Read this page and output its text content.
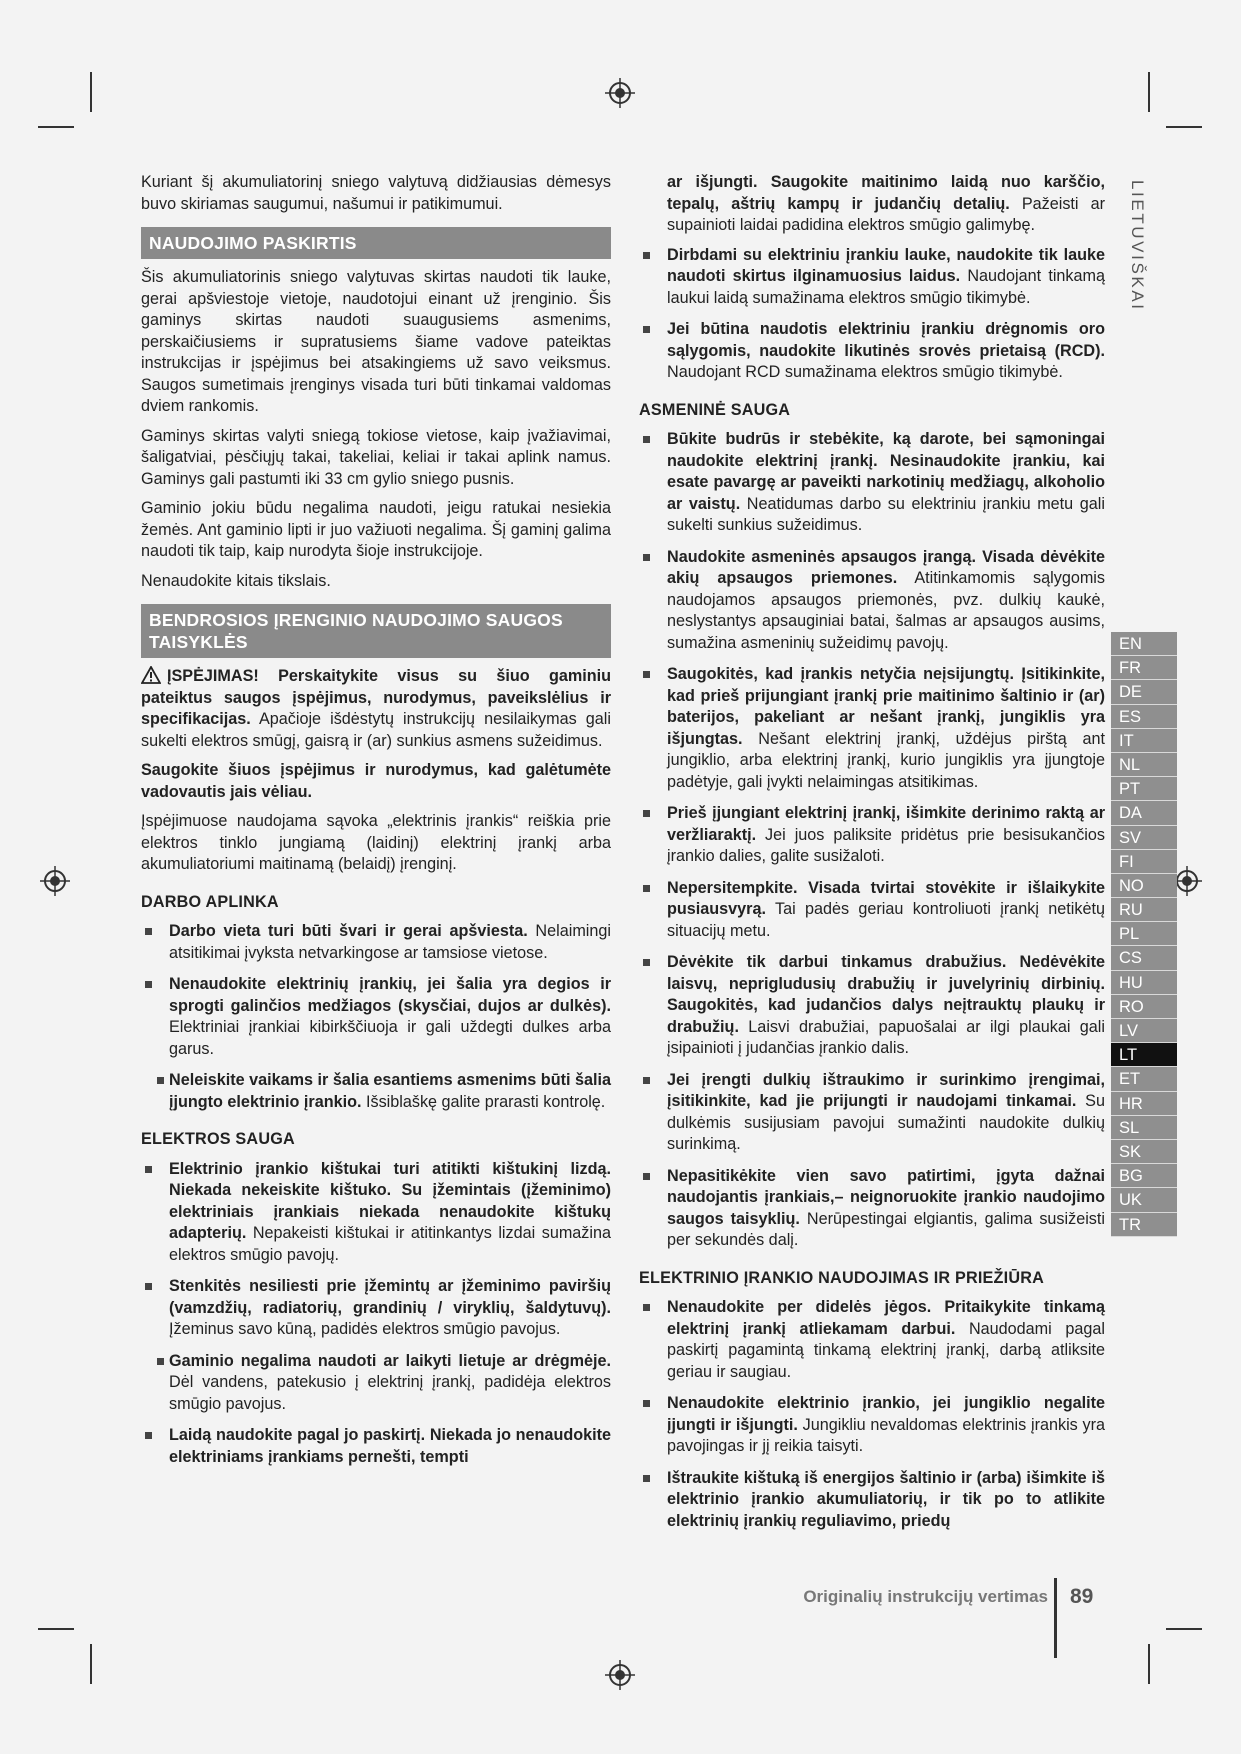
Kuriant šį akumuliatorinį sniego valytuvą didžiausias dėmesys buvo skiriamas saugumui, našumui ir patikimumui.

NAUDOJIMO PASKIRTIS

Šis akumuliatorinis sniego valytuvas skirtas naudoti tik lauke, gerai apšviestoje vietoje, naudotojui einant už įrenginio. Šis gaminys skirtas naudoti suaugusiems asmenims, perskaičiusiems ir supratusiems šiame vadove pateiktas instrukcijas ir įspėjimus bei atsakingiems už savo veiksmus. Saugos sumetimais įrenginys visada turi būti tinkamai valdomas dviem rankomis.

Gaminys skirtas valyti sniegą tokiose vietose, kaip įvažiavimai, šaligatviai, pėsčiųjų takai, takeliai, keliai ir takai aplink namus. Gaminys gali pastumti iki 33 cm gylio sniego pusnis.

Gaminio jokiu būdu negalima naudoti, jeigu ratukai nesiekia žemės. Ant gaminio lipti ir juo važiuoti negalima. Šį gaminį galima naudoti tik taip, kaip nurodyta šioje instrukcijoje.

Nenaudokite kitais tikslais.

BENDROSIOS ĮRENGINIO NAUDOJIMO SAUGOS TAISYKLĖS

ĮSPĖJIMAS! Perskaitykite visus su šiuo gaminiu pateiktus saugos įspėjimus, nurodymus, paveikslėlius ir specifikacijas. Apačioje išdėstytų instrukcijų nesilaikymas gali sukelti elektros smūgį, gaisrą ir (ar) sunkius asmens sužeidimus.

Saugokite šiuos įspėjimus ir nurodymus, kad galėtumėte vadovautis jais vėliau.

Įspėjimuose naudojama sąvoka „elektrinis įrankis“ reiškia prie elektros tinklo jungiamą (laidinį) elektrinį įrankį arba akumuliatoriumi maitinamą (belaidį) įrenginį.

DARBO APLINKA
Darbo vieta turi būti švari ir gerai apšviesta. Nelaimingi atsitikimai įvyksta netvarkingose ar tamsiose vietose.
Nenaudokite elektrinių įrankių, jei šalia yra degios ir sprogti galinčios medžiagos (skysčiai, dujos ar dulkės). Elektriniai įrankiai kibirkščiuoja ir gali uždegti dulkes arba garus.
Neleiskite vaikams ir šalia esantiems asmenims būti šalia įjungto elektrinio įrankio. Išsiblaškę galite prarasti kontrolę.
ELEKTROS SAUGA
Elektrinio įrankio kištukai turi atitikti kištukinį lizdą. Niekada nekeiskite kištuko. Su įžemintais (įžeminimo) elektriniais įrankiais niekada nenaudokite kištukų adapterių. Nepakeisti kištukai ir atitinkantys lizdai sumažina elektros smūgio pavojų.
Stenkitės nesiliesti prie įžemintų ar įžeminimo paviršių (vamzdžių, radiatorių, grandinių / viryklių, šaldytuvų). Įžeminus savo kūną, padidės elektros smūgio pavojus.
Gaminio negalima naudoti ar laikyti lietuje ar drėgmėje. Dėl vandens, patekusio į elektrinį įrankį, padidėja elektros smūgio pavojus.
Laidą naudokite pagal jo paskirtį. Niekada jo nenaudokite elektriniams įrankiams pernešti, tempti

ar išjungti. Saugokite maitinimo laidą nuo karščio, tepalų, aštrių kampų ir judančių detalių. Pažeisti ar supainioti laidai padidina elektros smūgio galimybę.

Dirbdami su elektriniu įrankiu lauke, naudokite tik lauke naudoti skirtus ilginamuosius laidus. Naudojant tinkamą laukui laidą sumažinama elektros smūgio tikimybė.
Jei būtina naudotis elektriniu įrankiu drėgnomis oro sąlygomis, naudokite likutinės srovės prietaisą (RCD). Naudojant RCD sumažinama elektros smūgio tikimybė.
ASMENINĖ SAUGA
Būkite budrūs ir stebėkite, ką darote, bei sąmoningai naudokite elektrinį įrankį. Nesinaudokite įrankiu, kai esate pavargę ar paveikti narkotinių medžiagų, alkoholio ar vaistų. Neatidumas darbo su elektriniu įrankiu metu gali sukelti sunkius sužeidimus.
Naudokite asmeninės apsaugos įrangą. Visada dėvėkite akių apsaugos priemones. Atitinkamomis sąlygomis naudojamos apsaugos priemonės, pvz. dulkių kaukė, neslystantys apsauginiai batai, šalmas ar apsaugos ausims, sumažina asmeninių sužeidimų pavojų.
Saugokitės, kad įrankis netyčia neįsijungtų. Įsitikinkite, kad prieš prijungiant įrankį prie maitinimo šaltinio ir (ar) baterijos, pakeliant ar nešant įrankį, jungiklis yra išjungtas. Nešant elektrinį įrankį, uždėjus pirštą ant jungiklio, arba elektrinį įrankį, kurio jungiklis yra įjungtoje padėtyje, gali įvykti nelaimingas atsitikimas.
Prieš įjungiant elektrinį įrankį, išimkite derinimo raktą ar veržliaraktį. Jei juos paliksite pridėtus prie besisukančios įrankio dalies, galite susižaloti.
Nepersitempkite. Visada tvirtai stovėkite ir išlaikykite pusiausvyrą. Tai padės geriau kontroliuoti įrankį netikėtų situacijų metu.
Dėvėkite tik darbui tinkamus drabužius. Nedėvėkite laisvų, neprigludusių drabužių ir juvelyrinių dirbinių. Saugokitės, kad judančios dalys neįtrauktų plaukų ir drabužių. Laisvi drabužiai, papuošalai ar ilgi plaukai gali įsipainioti į judančias įrankio dalis.
Jei įrengti dulkių ištraukimo ir surinkimo įrengimai, įsitikinkite, kad jie prijungti ir naudojami tinkamai. Su dulkėmis susijusiam pavojui sumažinti naudokite dulkių surinkimą.
Nepasitikėkite vien savo patirtimi, įgyta dažnai naudojantis įrankiais,– neignoruokite įrankio naudojimo saugos taisyklių. Nerūpestingai elgiantis, galima susižeisti per sekundės dalį.
ELEKTRINIO ĮRANKIO NAUDOJIMAS IR PRIEŽIŪRA
Nenaudokite per didelės jėgos. Pritaikykite tinkamą elektrinį įrankį atliekamam darbui. Naudodami pagal paskirtį pagamintą tinkamą elektrinį įrankį, darbą atliksite geriau ir saugiau.
Nenaudokite elektrinio įrankio, jei jungiklio negalite įjungti ir išjungti. Jungikliu nevaldomas elektrinis įrankis yra pavojingas ir jį reikia taisyti.
Ištraukite kištuką iš energijos šaltinio ir (arba) išimkite iš elektrinio įrankio akumuliatorių, ir tik po to atlikite elektrinių įrankių reguliavimo, priedų
LIETUVIŠKAI
EN
FR
DE
ES
IT
NL
PT
DA
SV
FI
NO
RU
PL
CS
HU
RO
LV
LT
ET
HR
SL
SK
BG
UK
TR
Originalių instrukcijų vertimas 89
